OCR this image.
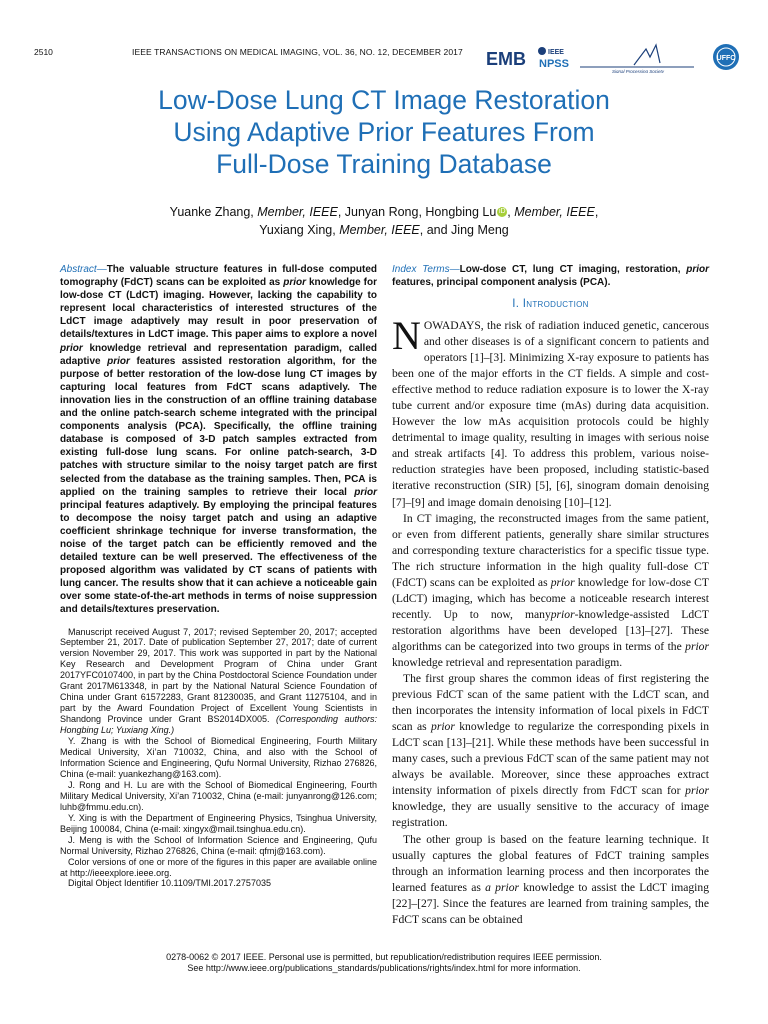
2510	IEEE TRANSACTIONS ON MEDICAL IMAGING, VOL. 36, NO. 12, DECEMBER 2017 EMB	IEEE
NPSS
Signal Processing Society
UFFC
Low-Dose Lung CT Image Restoration
Using Adaptive Prior Features From
Full-Dose Training Database
Yuanke Zhang, Member, IEEE, Junyan Rong, Hongbing Lu iD , Member, IEEE,
Yuxiang Xing, Member, IEEE, and Jing Meng
Abstract—The valuable structure features in full-dose computed tomography (FdCT) scans can be exploited as prior knowledge for low-dose CT (LdCT) imaging. However, lacking the capability to represent local characteristics of interested structures of the LdCT image adaptively may result in poor preservation of details/textures in LdCT image. This paper aims to explore a novel prior knowledge retrieval and representation paradigm, called adaptive prior features assisted restoration algorithm, for the purpose of better restoration of the low-dose lung CT images by capturing local features from FdCT scans adaptively. The innovation lies in the construction of an offline training database and the online patch-search scheme integrated with the principal components analysis (PCA). Specifically, the offline training database is composed of 3-D patch samples extracted from existing full-dose lung scans. For online patch-search, 3-D patches with structure similar to the noisy target patch are first selected from the database as the training samples. Then, PCA is applied on the training samples to retrieve their local prior principal features adaptively. By employing the principal features to decompose the noisy target patch and using an adaptive coefficient shrinkage technique for inverse transformation, the noise of the target patch can be efficiently removed and the detailed texture can be well preserved. The effectiveness of the proposed algorithm was validated by CT scans of patients with lung cancer. The results show that it can achieve a noticeable gain over some state-of-the-art methods in terms of noise suppression and details/textures preservation.

Manuscript received August 7, 2017; revised September 20, 2017; accepted September 21, 2017. Date of publication September 27, 2017; date of current version November 29, 2017. This work was supported in part by the National Key Research and Development Program of China under Grant 2017YFC0107400, in part by the China Postdoctoral Science Foundation under Grant 2017M613348, in part by the National Natural Science Foundation of China under Grant 61572283, Grant 81230035, and Grant 11275104, and in part by the Award Foundation Project of Excellent Young Scientists in Shandong Province under Grant BS2014DX005. (Corresponding authors: Hongbing Lu; Yuxiang Xing.)

Y. Zhang is with the School of Biomedical Engineering, Fourth Military Medical University, Xi’an 710032, China, and also with the School of Information Science and Engineering, Qufu Normal University, Rizhao 276826, China (e-mail: yuankezhang@163.com).

J. Rong and H. Lu are with the School of Biomedical Engineering, Fourth Military Medical University, Xi’an 710032, China (e-mail: junyanrong@126.com; luhb@fmmu.edu.cn).

Y. Xing is with the Department of Engineering Physics, Tsinghua University, Beijing 100084, China (e-mail: xingyx@mail.tsinghua.edu.cn).

J. Meng is with the School of Information Science and Engineering, Qufu Normal University, Rizhao 276826, China (e-mail: qfmj@163.com).

Color versions of one or more of the figures in this paper are available online at http://ieeexplore.ieee.org.

Digital Object Identifier 10.1109/TMI.2017.2757035

Index Terms—Low-dose CT, lung CT imaging, restoration, prior features, principal component analysis (PCA).
I. Introduction

NOWADAYS, the risk of radiation induced genetic, cancerous and other diseases is of a significant concern to patients and operators [1]–[3]. Minimizing X-ray exposure to patients has been one of the major efforts in the CT fields. A simple and cost-effective method to reduce radiation exposure is to lower the X-ray tube current and/or exposure time (mAs) during data acquisition. However the low mAs acquisition protocols could be highly detrimental to image quality, resulting in images with serious noise and streak artifacts [4]. To address this problem, various noise-reduction strategies have been proposed, including statistic-based iterative reconstruction (SIR) [5], [6], sinogram domain denoising [7]–[9] and image domain denoising [10]–[12].

In CT imaging, the reconstructed images from the same patient, or even from different patients, generally share similar structures and corresponding texture characteristics for a specific tissue type. The rich structure information in the high quality full-dose CT (FdCT) scans can be exploited as prior knowledge for low-dose CT (LdCT) imaging, which has become a noticeable research interest recently. Up to now, manyprior-knowledge-assisted LdCT restoration algorithms have been developed [13]–[27]. These algorithms can be categorized into two groups in terms of the prior knowledge retrieval and representation paradigm.

The first group shares the common ideas of first registering the previous FdCT scan of the same patient with the LdCT scan, and then incorporates the intensity information of local pixels in FdCT scan as prior knowledge to regularize the corresponding pixels in LdCT scan [13]–[21]. While these methods have been successful in many cases, such a previous FdCT scan of the same patient may not always be available. Moreover, since these approaches extract intensity information of pixels directly from FdCT scan for prior knowledge, they are usually sensitive to the accuracy of image registration.

The other group is based on the feature learning technique. It usually captures the global features of FdCT training samples through an information learning process and then incorporates the learned features as a prior knowledge to assist the LdCT imaging [22]–[27]. Since the features are learned from training samples, the FdCT scans can be obtained

0278-0062 © 2017 IEEE. Personal use is permitted, but republication/redistribution requires IEEE permission.
See http://www.ieee.org/publications_standards/publications/rights/index.html for more information.
